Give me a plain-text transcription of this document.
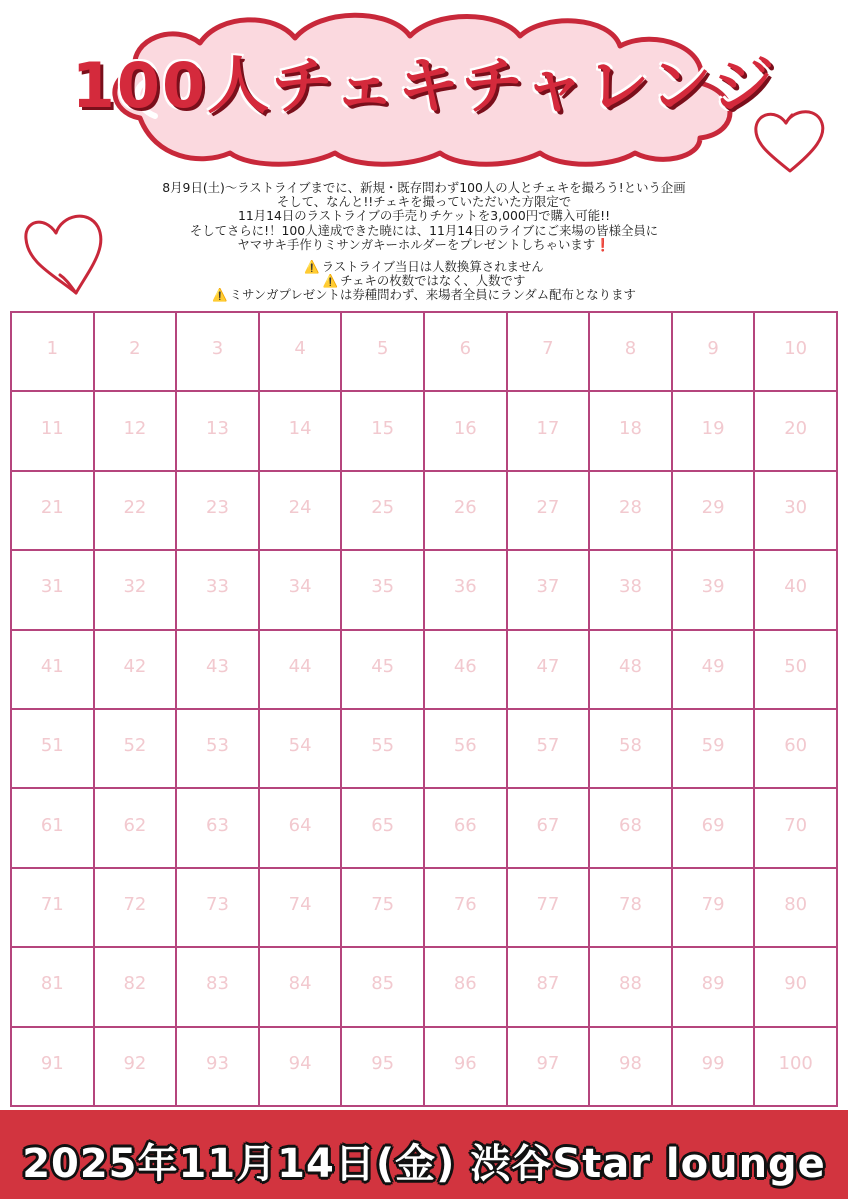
100人チェキチャレンジ
8月9日(土)〜ラストライブまでに、新規・既存問わず100人の人とチェキを撮ろう!という企画
そして、なんと!!チェキを撮っていただいた方限定で
11月14日のラストライブの手売りチケットを3,000円で購入可能!!
そしてさらに!！100人達成できた暁には、11月14日のライブにご来場の皆様全員に
ヤマサキ手作りミサンガキーホルダーをプレゼントしちゃいます❗
⚠️ ラストライブ当日は人数換算されません
⚠️ チェキの枚数ではなく、人数です
⚠️ ミサンガプレゼントは券種問わず、来場者全員にランダム配布となります
1	2	3	4	5	6	7	8	9	10
11	12	13	14	15	16	17	18	19	20
21	22	23	24	25	26	27	28	29	30
31	32	33	34	35	36	37	38	39	40
41	42	43	44	45	46	47	48	49	50
51	52	53	54	55	56	57	58	59	60
61	62	63	64	65	66	67	68	69	70
71	72	73	74	75	76	77	78	79	80
81	82	83	84	85	86	87	88	89	90
91	92	93	94	95	96	97	98	99	100
2025年11月14日(金) 渋谷Star lounge
